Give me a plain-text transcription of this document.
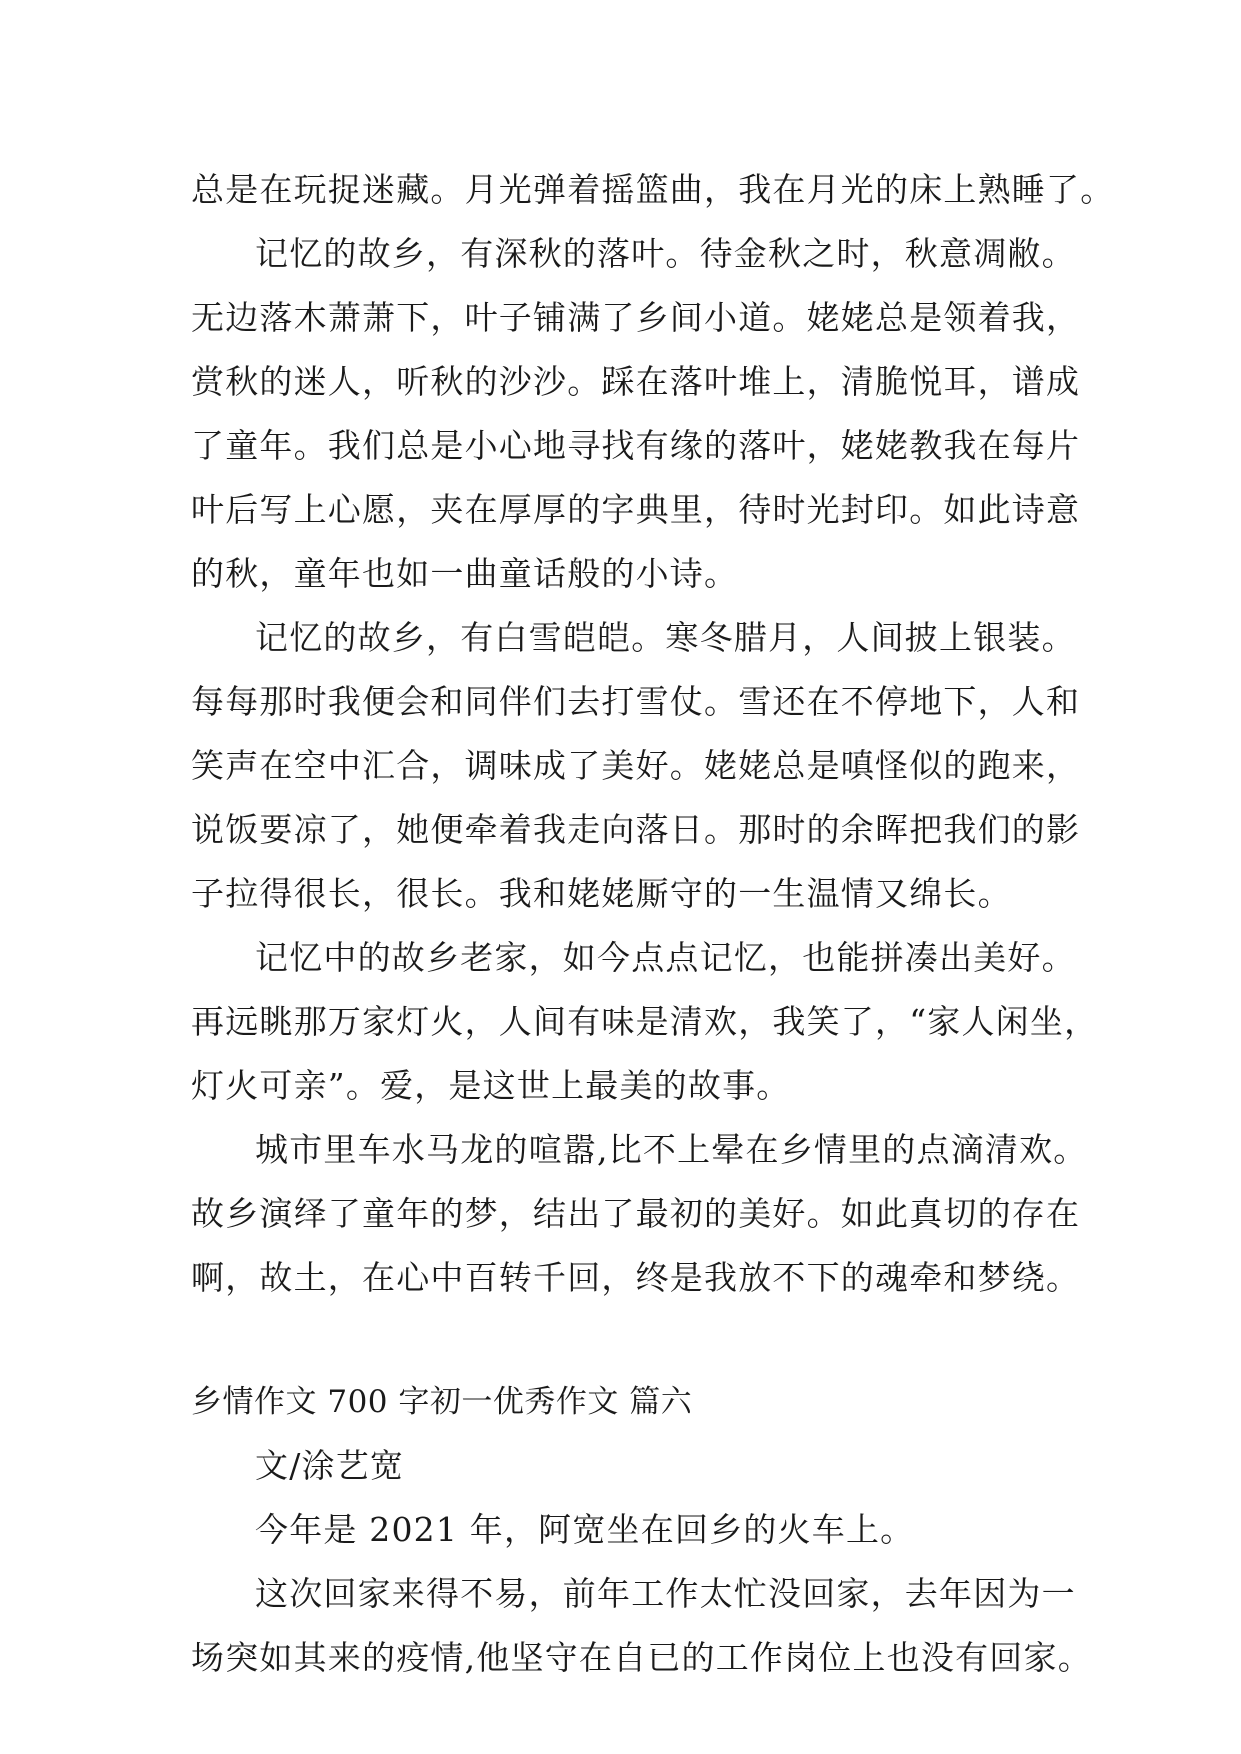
总是在玩捉迷藏。月光弹着摇篮曲，我在月光的床上熟睡了。
记忆的故乡，有深秋的落叶。待金秋之时，秋意凋敝。
无边落木萧萧下，叶子铺满了乡间小道。姥姥总是领着我，
赏秋的迷人，听秋的沙沙。踩在落叶堆上，清脆悦耳，谱成
了童年。我们总是小心地寻找有缘的落叶，姥姥教我在每片
叶后写上心愿，夹在厚厚的字典里，待时光封印。如此诗意
的秋，童年也如一曲童话般的小诗。
记忆的故乡，有白雪皑皑。寒冬腊月，人间披上银装。
每每那时我便会和同伴们去打雪仗。雪还在不停地下，人和
笑声在空中汇合，调味成了美好。姥姥总是嗔怪似的跑来，
说饭要凉了，她便牵着我走向落日。那时的余晖把我们的影
子拉得很长，很长。我和姥姥厮守的一生温情又绵长。
记忆中的故乡老家，如今点点记忆，也能拼凑出美好。
再远眺那万家灯火，人间有味是清欢，我笑了，“家人闲坐，
灯火可亲”。爱，是这世上最美的故事。
城市里车水马龙的喧嚣,比不上晕在乡情里的点滴清欢。
故乡演绎了童年的梦，结出了最初的美好。如此真切的存在
啊，故土，在心中百转千回，终是我放不下的魂牵和梦绕。
乡情作文 700 字初一优秀作文 篇六
文/涂艺宽
今年是 2021 年，阿宽坐在回乡的火车上。
这次回家来得不易，前年工作太忙没回家，去年因为一
场突如其来的疫情,他坚守在自已的工作岗位上也没有回家。
